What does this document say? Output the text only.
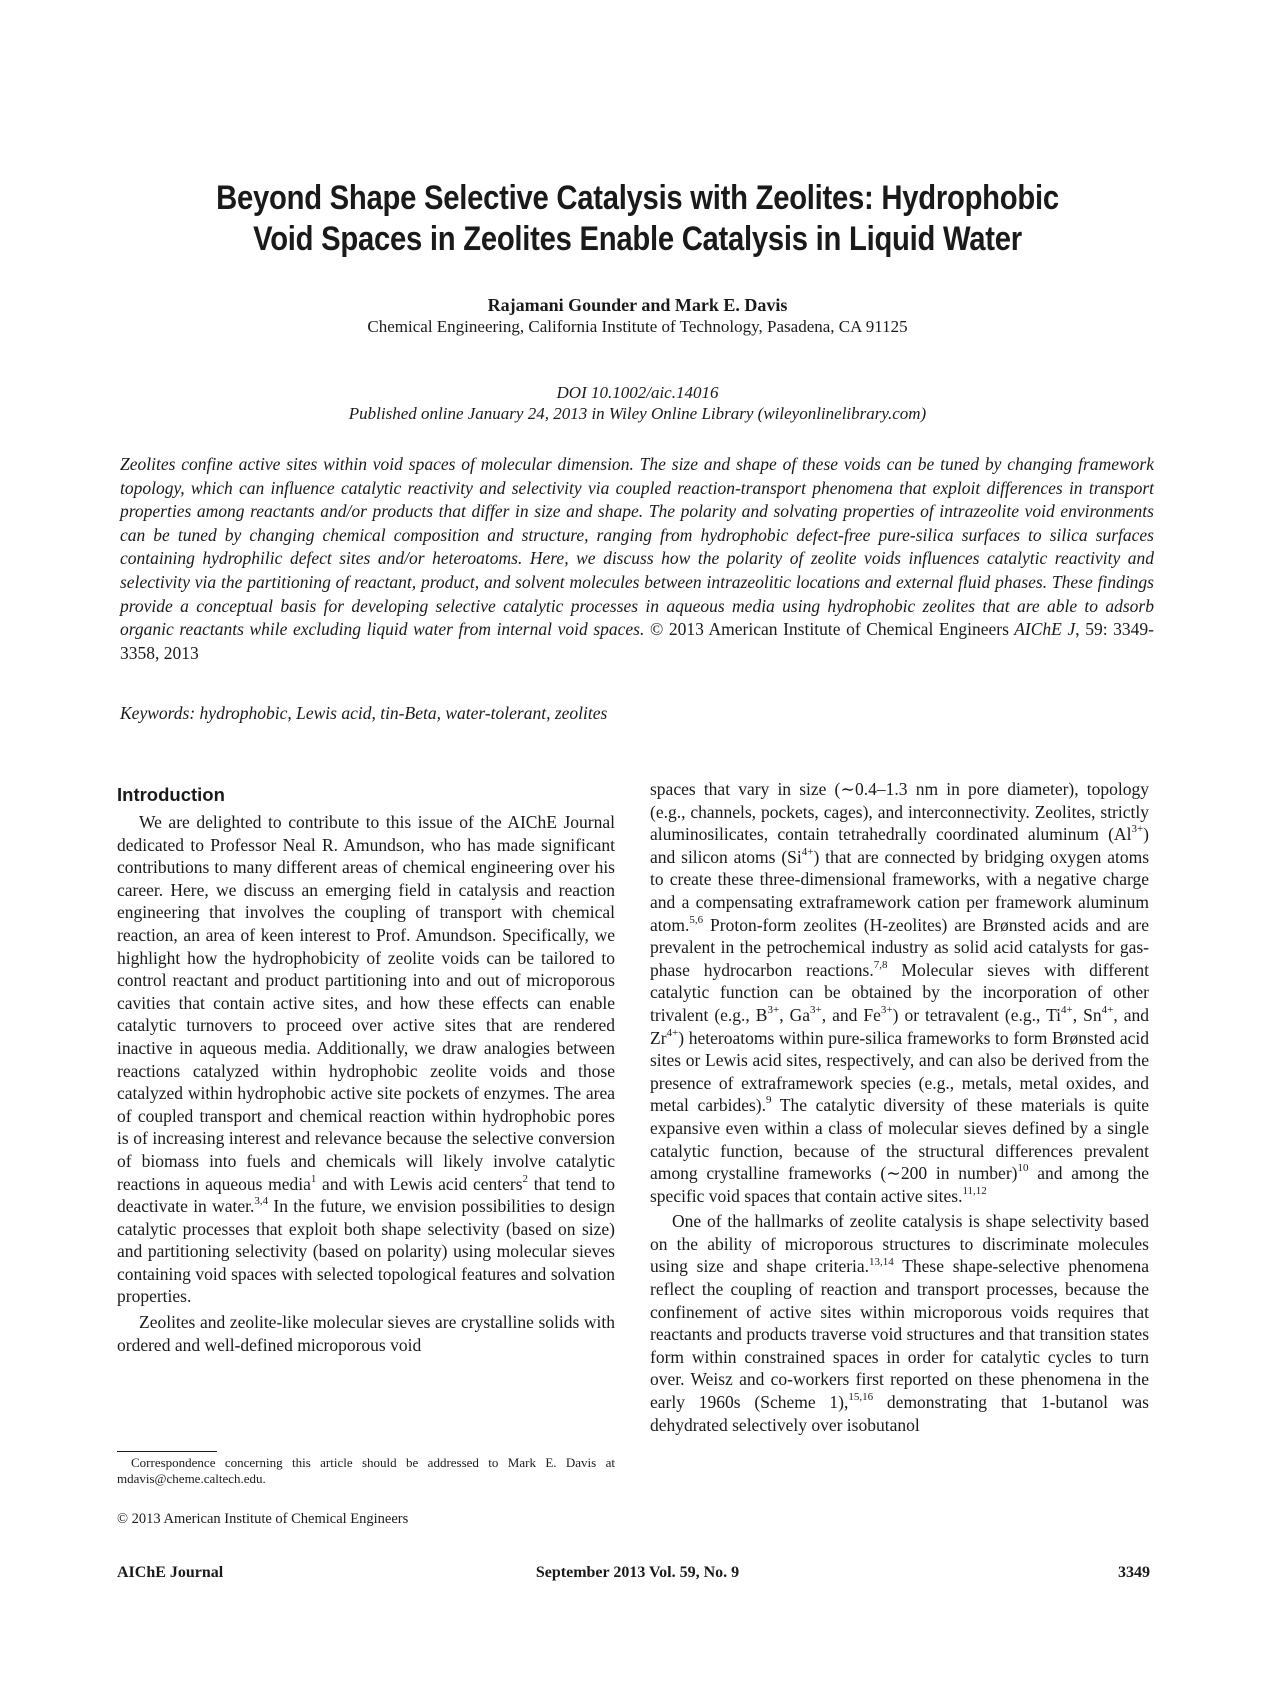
Beyond Shape Selective Catalysis with Zeolites: Hydrophobic
Void Spaces in Zeolites Enable Catalysis in Liquid Water
Rajamani Gounder and Mark E. Davis
Chemical Engineering, California Institute of Technology, Pasadena, CA 91125
DOI 10.1002/aic.14016
Published online January 24, 2013 in Wiley Online Library (wileyonlinelibrary.com)
Zeolites confine active sites within void spaces of molecular dimension. The size and shape of these voids can be tuned by changing framework topology, which can influence catalytic reactivity and selectivity via coupled reaction-transport phenomena that exploit differences in transport properties among reactants and/or products that differ in size and shape. The polarity and solvating properties of intrazeolite void environments can be tuned by changing chemical composition and structure, ranging from hydrophobic defect-free pure-silica surfaces to silica surfaces containing hydrophilic defect sites and/or heteroatoms. Here, we discuss how the polarity of zeolite voids influences catalytic reactivity and selectivity via the partitioning of reactant, product, and solvent molecules between intrazeolitic locations and external fluid phases. These findings provide a conceptual basis for developing selective catalytic processes in aqueous media using hydrophobic zeolites that are able to adsorb organic reactants while excluding liquid water from internal void spaces. © 2013 American Institute of Chemical Engineers AIChE J, 59: 3349-3358, 2013
Keywords: hydrophobic, Lewis acid, tin-Beta, water-tolerant, zeolites
Introduction

We are delighted to contribute to this issue of the AIChE Journal dedicated to Professor Neal R. Amundson, who has made significant contributions to many different areas of chemical engineering over his career. Here, we discuss an emerging field in catalysis and reaction engineering that involves the coupling of transport with chemical reaction, an area of keen interest to Prof. Amundson. Specifically, we highlight how the hydrophobicity of zeolite voids can be tailored to control reactant and product partitioning into and out of microporous cavities that contain active sites, and how these effects can enable catalytic turnovers to proceed over active sites that are rendered inactive in aqueous media. Additionally, we draw analogies between reactions catalyzed within hydrophobic zeolite voids and those catalyzed within hydrophobic active site pockets of enzymes. The area of coupled transport and chemical reaction within hydrophobic pores is of increasing interest and relevance because the selective conversion of biomass into fuels and chemicals will likely involve catalytic reactions in aqueous media$^1$ and with Lewis acid centers$^2$ that tend to deactivate in water.$^{3,4}$ In the future, we envision possibilities to design catalytic processes that exploit both shape selectivity (based on size) and partitioning selectivity (based on polarity) using molecular sieves containing void spaces with selected topological features and solvation properties.

Zeolites and zeolite-like molecular sieves are crystalline solids with ordered and well-defined microporous void

spaces that vary in size (∼0.4–1.3 nm in pore diameter), topology (e.g., channels, pockets, cages), and interconnectivity. Zeolites, strictly aluminosilicates, contain tetrahedrally coordinated aluminum $(Al^{3+})$ and silicon atoms $(Si^{4+})$ that are connected by bridging oxygen atoms to create these three-dimensional frameworks, with a negative charge and a compensating extraframework cation per framework aluminum atom.$^{5,6}$ Proton-form zeolites (H-zeolites) are Brønsted acids and are prevalent in the petrochemical industry as solid acid catalysts for gas-phase hydrocarbon reactions.$^{7,8}$ Molecular sieves with different catalytic function can be obtained by the incorporation of other trivalent (e.g., $B^{3+}$, $Ga^{3+}$, and $Fe^{3+}$) or tetravalent (e.g., $Ti^{4+}$, $Sn^{4+}$, and $Zr^{4+}$) heteroatoms within pure-silica frameworks to form Brønsted acid sites or Lewis acid sites, respectively, and can also be derived from the presence of extraframework species (e.g., metals, metal oxides, and metal carbides).$^9$ The catalytic diversity of these materials is quite expansive even within a class of molecular sieves defined by a single catalytic function, because of the structural differences prevalent among crystalline frameworks (∼200 in number)$^{10}$ and among the specific void spaces that contain active sites.$^{11,12}$

One of the hallmarks of zeolite catalysis is shape selectivity based on the ability of microporous structures to discriminate molecules using size and shape criteria.$^{13,14}$ These shape-selective phenomena reflect the coupling of reaction and transport processes, because the confinement of active sites within microporous voids requires that reactants and products traverse void structures and that transition states form within constrained spaces in order for catalytic cycles to turn over. Weisz and co-workers first reported on these phenomena in the early 1960s (Scheme 1),$^{15,16}$ demonstrating that 1-butanol was dehydrated selectively over isobutanol

Correspondence concerning this article should be addressed to Mark E. Davis at mdavis@cheme.caltech.edu.
© 2013 American Institute of Chemical Engineers
AIChE Journal	September 2013 Vol. 59, No. 9	3349
